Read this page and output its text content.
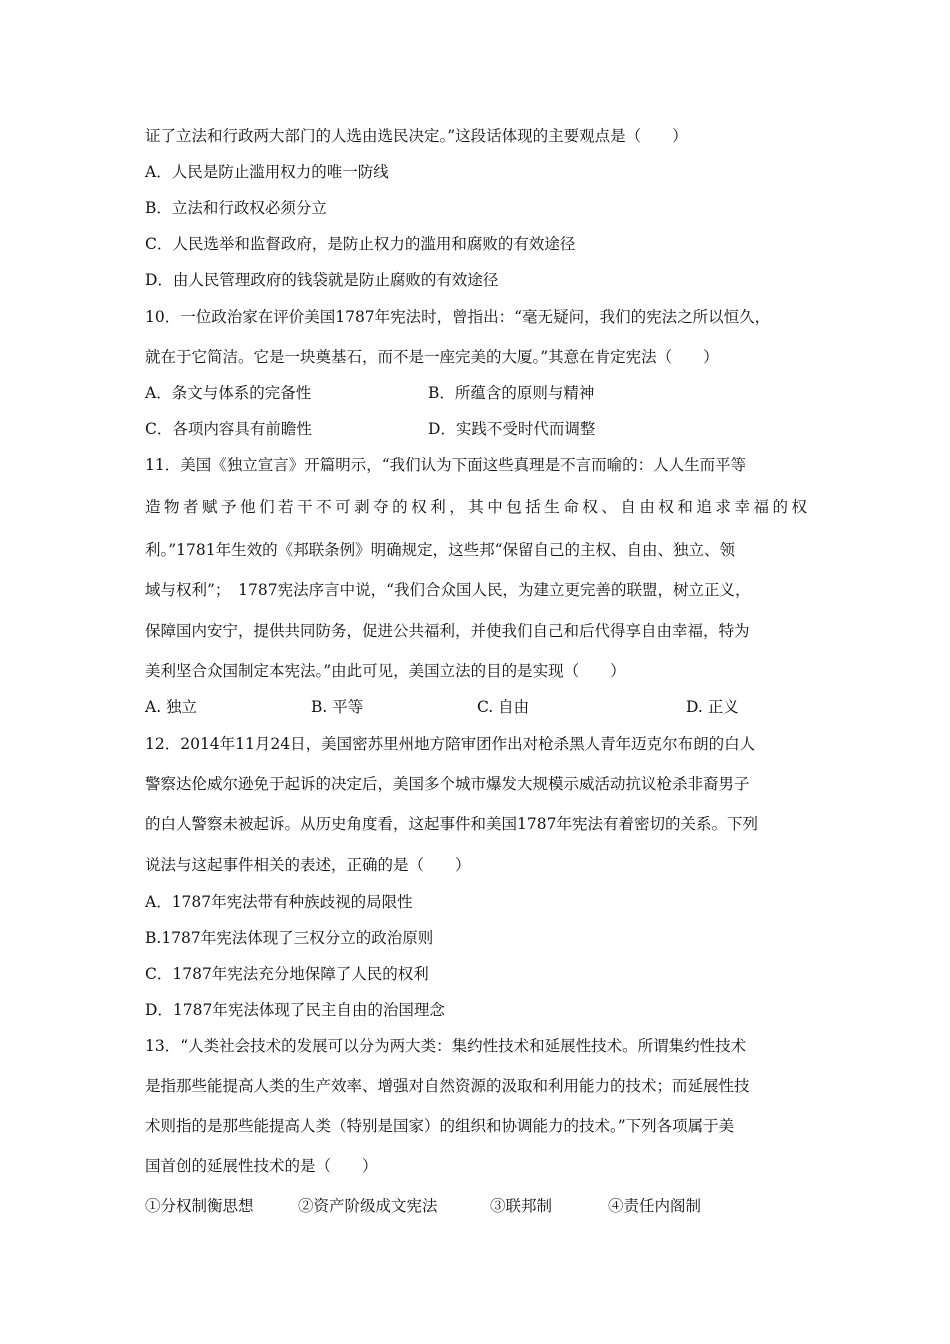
证了立法和行政两大部门的人选由选民决定。”这段话体现的主要观点是（　　）
A．人民是防止滥用权力的唯一防线
B．立法和行政权必须分立
C．人民选举和监督政府，是防止权力的滥用和腐败的有效途径
D．由人民管理政府的钱袋就是防止腐败的有效途径
10．一位政治家在评价美国1787年宪法时，曾指出：“毫无疑问，我们的宪法之所以恒久，
就在于它简洁。它是一块奠基石，而不是一座完美的大厦。”其意在肯定宪法（　　）
A．条文与体系的完备性	B．所蕴含的原则与精神
C．各项内容具有前瞻性	D．实践不受时代而调整
11．美国《独立宣言》开篇明示，“我们认为下面这些真理是不言而喻的：人人生而平等
造物者赋予他们若干不可剥夺的权利，其中包括生命权、自由权和追求幸福的权
利。”1781年生效的《邦联条例》明确规定，这些邦“保留自己的主权、自由、独立、领
域与权利”；　1787宪法序言中说，“我们合众国人民，为建立更完善的联盟，树立正义，
保障国内安宁，提供共同防务，促进公共福利，并使我们自己和后代得享自由幸福，特为
美利坚合众国制定本宪法。”由此可见，美国立法的目的是实现（　　）
A. 独立	B. 平等	C. 自由	D. 正义
12．2014年11月24日，美国密苏里州地方陪审团作出对枪杀黑人青年迈克尔布朗的白人
警察达伦威尔逊免于起诉的决定后，美国多个城市爆发大规模示威活动抗议枪杀非裔男子
的白人警察未被起诉。从历史角度看，这起事件和美国1787年宪法有着密切的关系。下列
说法与这起事件相关的表述，正确的是（　　）
A．1787年宪法带有种族歧视的局限性
B.1787年宪法体现了三权分立的政治原则
C．1787年宪法充分地保障了人民的权利
D．1787年宪法体现了民主自由的治国理念
13．“人类社会技术的发展可以分为两大类：集约性技术和延展性技术。所谓集约性技术
是指那些能提高人类的生产效率、增强对自然资源的汲取和利用能力的技术；而延展性技
术则指的是那些能提高人类（特别是国家）的组织和协调能力的技术。”下列各项属于美
国首创的延展性技术的是（　　）
①分权制衡思想	②资产阶级成文宪法	③联邦制	④责任内阁制
